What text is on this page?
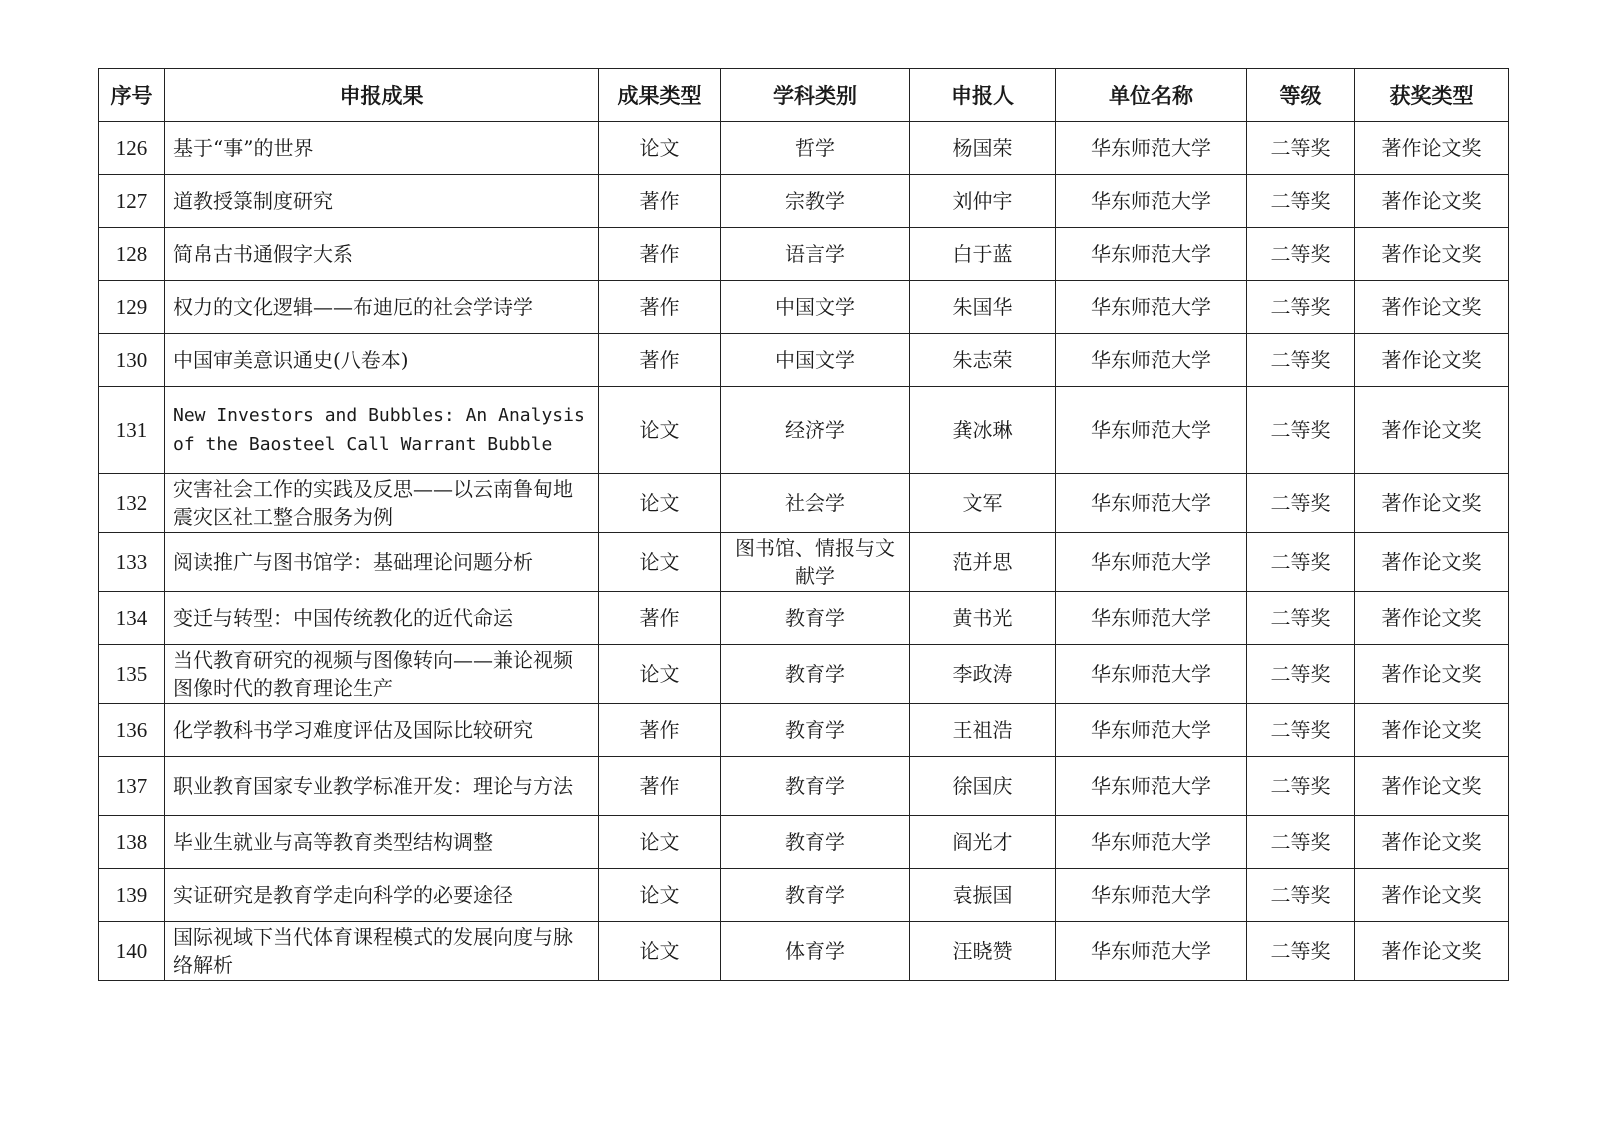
序号	申报成果	成果类型	学科类别	申报人	单位名称	等级	获奖类型
126	基于“事”的世界	论文	哲学	杨国荣	华东师范大学	二等奖	著作论文奖
127	道教授箓制度研究	著作	宗教学	刘仲宇	华东师范大学	二等奖	著作论文奖
128	简帛古书通假字大系	著作	语言学	白于蓝	华东师范大学	二等奖	著作论文奖
129	权力的文化逻辑——布迪厄的社会学诗学	著作	中国文学	朱国华	华东师范大学	二等奖	著作论文奖
130	中国审美意识通史(八卷本)	著作	中国文学	朱志荣	华东师范大学	二等奖	著作论文奖
131	New Investors and Bubbles: An Analysis of the Baosteel Call Warrant Bubble	论文	经济学	龚冰琳	华东师范大学	二等奖	著作论文奖
132	灾害社会工作的实践及反思——以云南鲁甸地震灾区社工整合服务为例	论文	社会学	文军	华东师范大学	二等奖	著作论文奖
133	阅读推广与图书馆学：基础理论问题分析	论文	图书馆、情报与文献学	范并思	华东师范大学	二等奖	著作论文奖
134	变迁与转型：中国传统教化的近代命运	著作	教育学	黄书光	华东师范大学	二等奖	著作论文奖
135	当代教育研究的视频与图像转向——兼论视频图像时代的教育理论生产	论文	教育学	李政涛	华东师范大学	二等奖	著作论文奖
136	化学教科书学习难度评估及国际比较研究	著作	教育学	王祖浩	华东师范大学	二等奖	著作论文奖
137	职业教育国家专业教学标准开发：理论与方法	著作	教育学	徐国庆	华东师范大学	二等奖	著作论文奖
138	毕业生就业与高等教育类型结构调整	论文	教育学	阎光才	华东师范大学	二等奖	著作论文奖
139	实证研究是教育学走向科学的必要途径	论文	教育学	袁振国	华东师范大学	二等奖	著作论文奖
140	国际视域下当代体育课程模式的发展向度与脉络解析	论文	体育学	汪晓赞	华东师范大学	二等奖	著作论文奖
